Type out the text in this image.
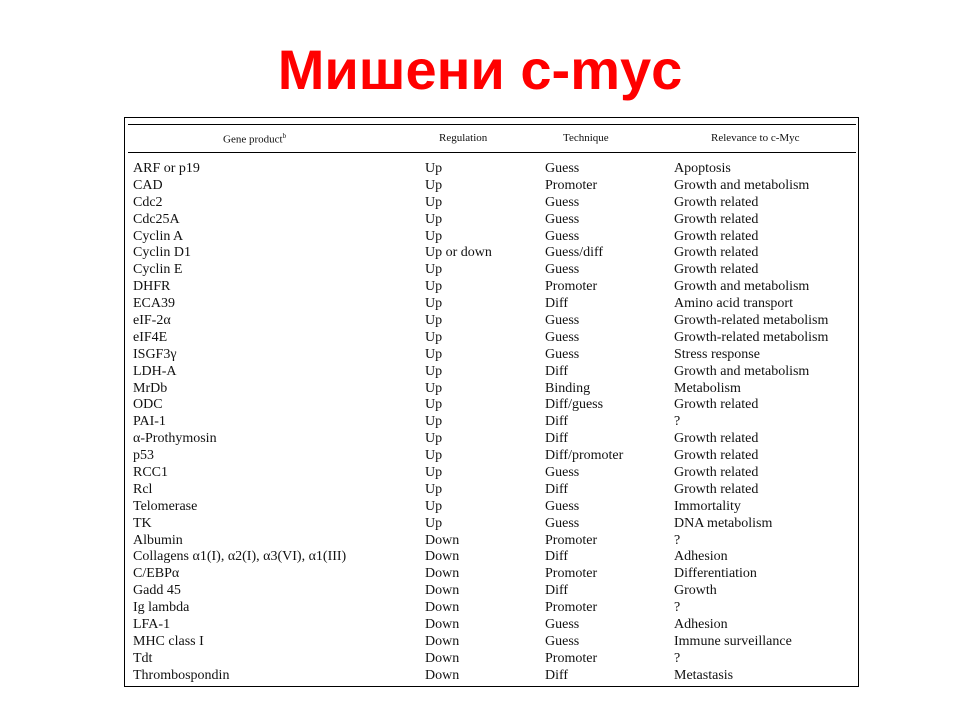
Мишени c-myc
Gene product$^b$	Regulation	Technique	Relevance to c-Myc
ARF or p19	Up	Guess	Apoptosis
CAD	Up	Promoter	Growth and metabolism
Cdc2	Up	Guess	Growth related
Cdc25A	Up	Guess	Growth related
Cyclin A	Up	Guess	Growth related
Cyclin D1	Up or down	Guess/diff	Growth related
Cyclin E	Up	Guess	Growth related
DHFR	Up	Promoter	Growth and metabolism
ECA39	Up	Diff	Amino acid transport
eIF-2α	Up	Guess	Growth-related metabolism
eIF4E	Up	Guess	Growth-related metabolism
ISGF3γ	Up	Guess	Stress response
LDH-A	Up	Diff	Growth and metabolism
MrDb	Up	Binding	Metabolism
ODC	Up	Diff/guess	Growth related
PAI-1	Up	Diff	?
α-Prothymosin	Up	Diff	Growth related
p53	Up	Diff/promoter	Growth related
RCC1	Up	Guess	Growth related
Rcl	Up	Diff	Growth related
Telomerase	Up	Guess	Immortality
TK	Up	Guess	DNA metabolism
Albumin	Down	Promoter	?
Collagens α1(I), α2(I), α3(VI), α1(III)	Down	Diff	Adhesion
C/EBPα	Down	Promoter	Differentiation
Gadd 45	Down	Diff	Growth
Ig lambda	Down	Promoter	?
LFA-1	Down	Guess	Adhesion
MHC class I	Down	Guess	Immune surveillance
Tdt	Down	Promoter	?
Thrombospondin	Down	Diff	Metastasis
